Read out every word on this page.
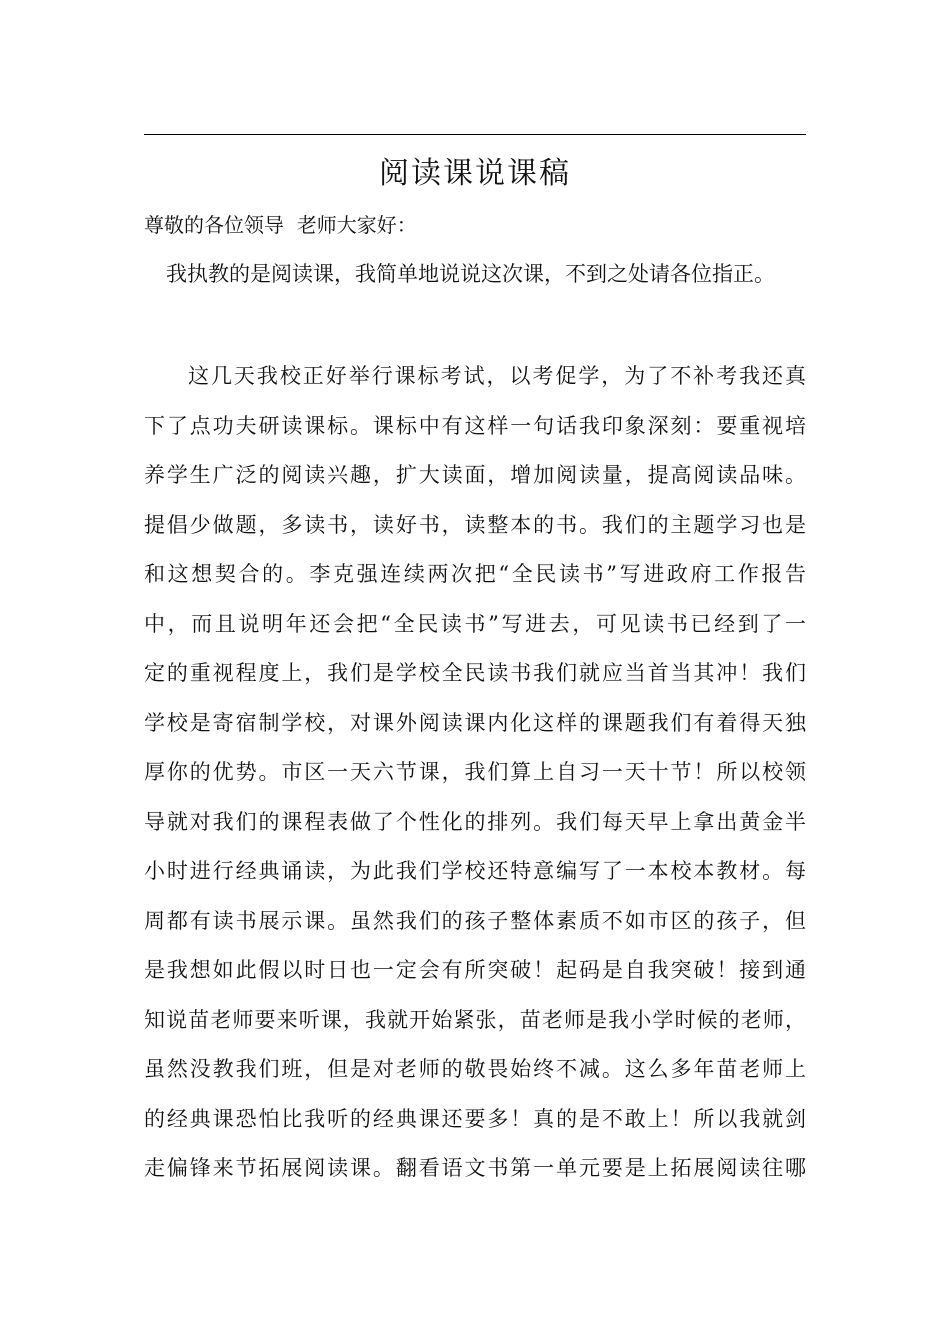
阅读课说课稿

尊敬的各位领导  老师大家好：

我执教的是阅读课，我简单地说说这次课，不到之处请各位指正。

这几天我校正好举行课标考试，以考促学，为了不补考我还真
下了点功夫研读课标。课标中有这样一句话我印象深刻：要重视培
养学生广泛的阅读兴趣，扩大读面，增加阅读量，提高阅读品味。
提倡少做题，多读书，读好书，读整本的书。我们的主题学习也是
和这想契合的。李克强连续两次把“全民读书”写进政府工作报告
中，而且说明年还会把“全民读书”写进去，可见读书已经到了一
定的重视程度上，我们是学校全民读书我们就应当首当其冲！我们
学校是寄宿制学校，对课外阅读课内化这样的课题我们有着得天独
厚你的优势。市区一天六节课，我们算上自习一天十节！所以校领
导就对我们的课程表做了个性化的排列。我们每天早上拿出黄金半
小时进行经典诵读，为此我们学校还特意编写了一本校本教材。每
周都有读书展示课。虽然我们的孩子整体素质不如市区的孩子，但
是我想如此假以时日也一定会有所突破！起码是自我突破！接到通
知说苗老师要来听课，我就开始紧张，苗老师是我小学时候的老师，
虽然没教我们班，但是对老师的敬畏始终不减。这么多年苗老师上
的经典课恐怕比我听的经典课还要多！真的是不敢上！所以我就剑
走偏锋来节拓展阅读课。翻看语文书第一单元要是上拓展阅读往哪
